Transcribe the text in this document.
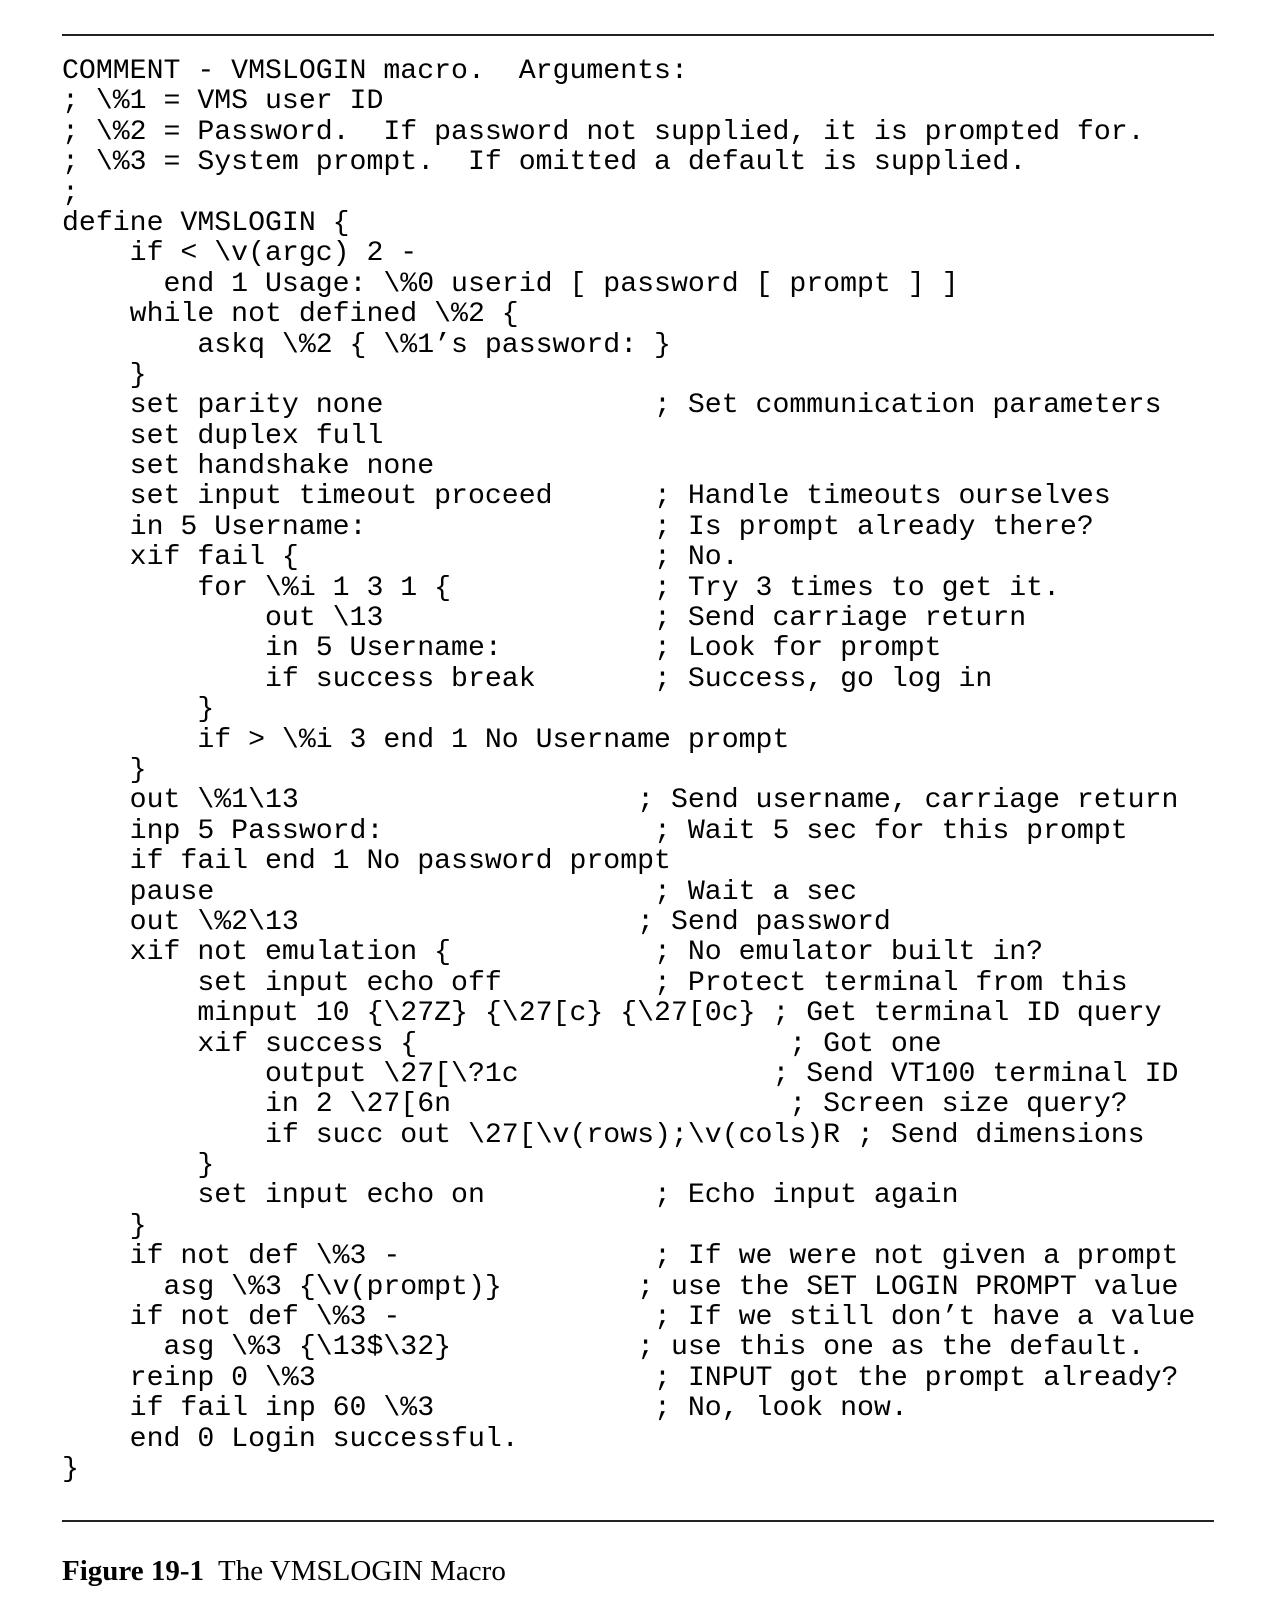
COMMENT - VMSLOGIN macro.  Arguments:
; \%1 = VMS user ID
; \%2 = Password.  If password not supplied, it is prompted for.
; \%3 = System prompt.  If omitted a default is supplied.
;
define VMSLOGIN {
if < \v(argc) 2 -
end 1 Usage: \%0 userid [ password [ prompt ] ]
while not defined \%2 {
askq \%2 { \%1’s password: }
}
set parity none                ; Set communication parameters
set duplex full
set handshake none
set input timeout proceed      ; Handle timeouts ourselves
in 5 Username:                 ; Is prompt already there?
xif fail {                     ; No.
for \%i 1 3 1 {            ; Try 3 times to get it.
out \13                ; Send carriage return
in 5 Username:         ; Look for prompt
if success break       ; Success, go log in
}
if > \%i 3 end 1 No Username prompt
}
out \%1\13                    ; Send username, carriage return
inp 5 Password:                ; Wait 5 sec for this prompt
if fail end 1 No password prompt
pause                          ; Wait a sec
out \%2\13                    ; Send password
xif not emulation {            ; No emulator built in?
set input echo off         ; Protect terminal from this
minput 10 {\27Z} {\27[c} {\27[0c} ; Get terminal ID query
xif success {                      ; Got one
output \27[\?1c               ; Send VT100 terminal ID
in 2 \27[6n                    ; Screen size query?
if succ out \27[\v(rows);\v(cols)R ; Send dimensions
}
set input echo on          ; Echo input again
}
if not def \%3 -               ; If we were not given a prompt
asg \%3 {\v(prompt)}        ; use the SET LOGIN PROMPT value
if not def \%3 -               ; If we still don’t have a value
asg \%3 {\13$\32}           ; use this one as the default.
reinp 0 \%3                    ; INPUT got the prompt already?
if fail inp 60 \%3             ; No, look now.
end 0 Login successful.
}
Figure 19-1 The VMSLOGIN Macro
